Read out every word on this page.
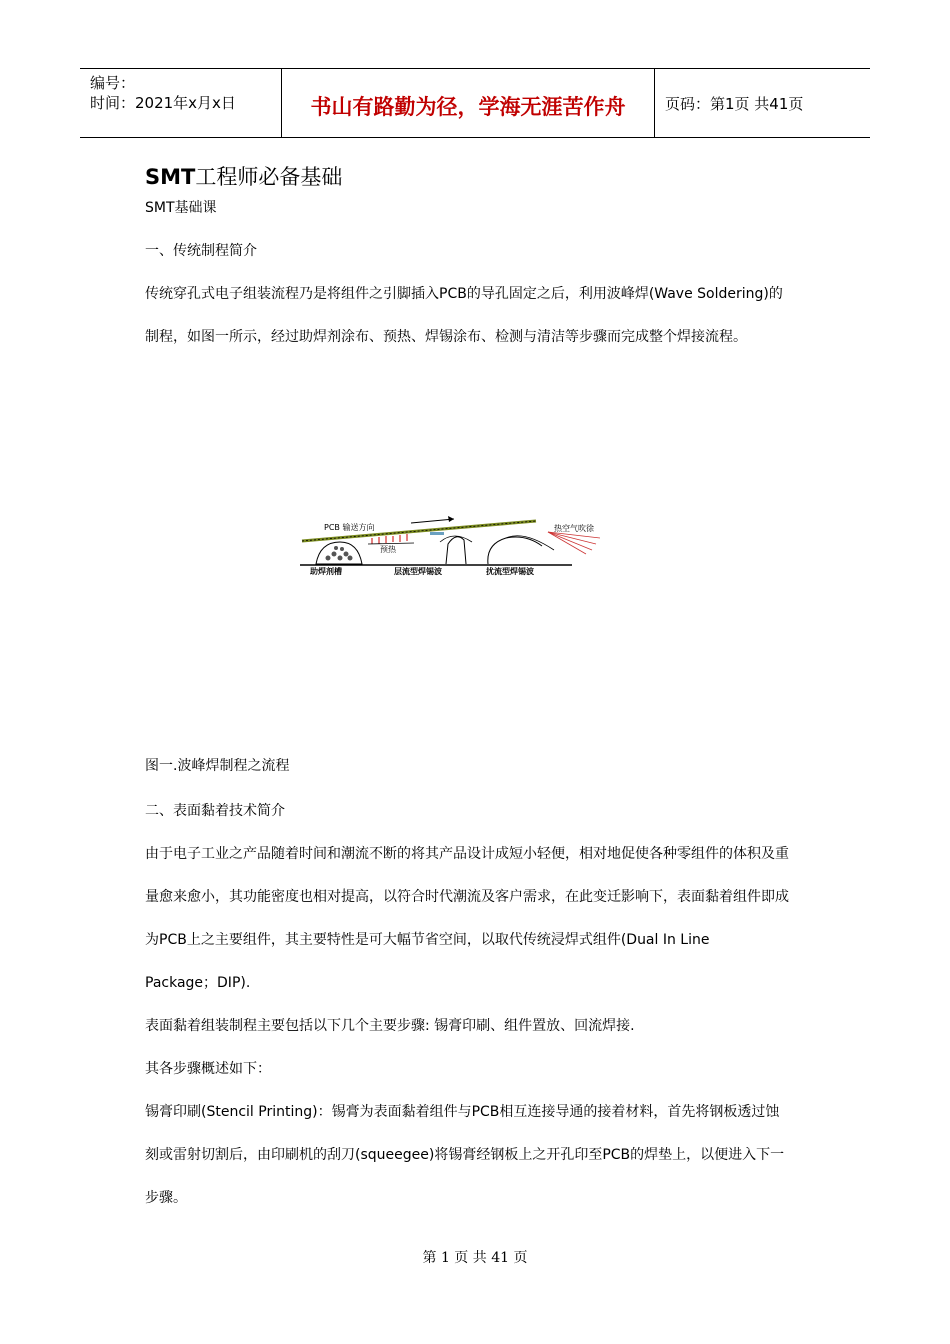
编号：
时间：2021年x月x日	书山有路勤为径，学海无涯苦作舟	页码：第1页 共41页
SMT工程师必备基础
SMT基础课
一、传统制程简介
传统穿孔式电子组装流程乃是将组件之引脚插入PCB的导孔固定之后，利用波峰焊(Wave Soldering)的
制程，如图一所示，经过助焊剂涂布、预热、焊锡涂布、检测与清洁等步骤而完成整个焊接流程。
PCB 输送方向
预热
热空气吹徐
助焊剂槽	层流型焊锡波	扰流型焊锡波
图一.波峰焊制程之流程
二、表面黏着技术简介
由于电子工业之产品随着时间和潮流不断的将其产品设计成短小轻便，相对地促使各种零组件的体积及重
量愈来愈小，其功能密度也相对提高，以符合时代潮流及客户需求，在此变迁影响下，表面黏着组件即成
为PCB上之主要组件，其主要特性是可大幅节省空间，以取代传统浸焊式组件(Dual In Line
Package；DIP).
表面黏着组装制程主要包括以下几个主要步骤: 锡膏印刷、组件置放、回流焊接.
其各步骤概述如下：
锡膏印刷(Stencil Printing)：锡膏为表面黏着组件与PCB相互连接导通的接着材料，首先将钢板透过蚀
刻或雷射切割后，由印刷机的刮刀(squeegee)将锡膏经钢板上之开孔印至PCB的焊垫上，以便进入下一
步骤。
第 1 页 共 41 页
